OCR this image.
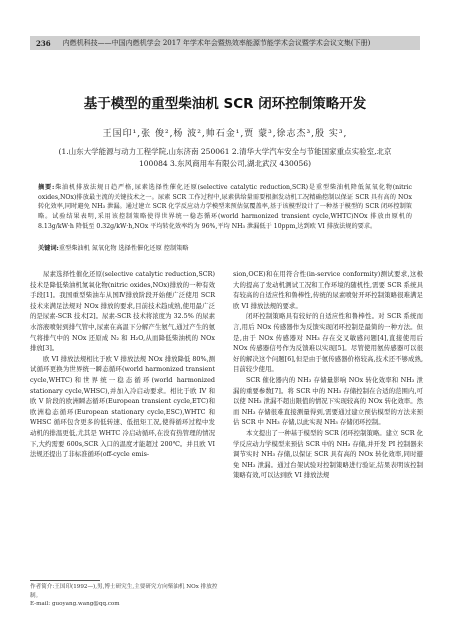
236 内燃机科技——中国内燃机学会 2017 年学术年会暨热效率能源节能学术会议暨学术会议文集(下册)
基于模型的重型柴油机 SCR 闭环控制策略开发
王国印¹,张 俊²,杨 波²,帅石金¹,贾 蒙³,徐志杰³,殷 实³,
(1.山东大学能源与动力工程学院,山东济南 250061 2.清华大学汽车安全与节能国家重点实验室,北京
100084 3.东风商用车有限公司,湖北武汉 430056)
摘要:柴油机排放法规日趋严格,尿素选择性催化还原(selective catalytic reduction,SCR)是重型柴油机降低氮氧化物(nitric oxides,NOx)排放最主流的关键技术之一。尿素 SCR 工作过程中,尿素供给量需要根据发动机工况精确控制以保证 SCR 具有高的 NOx 转化效率,同时避免 NH₃ 泄漏。通过建立 SCR 化学反应动力学模型来预估氨覆盖率,基于该模型设计了一种基于模型的 SCR 闭环控制策略。试验结果表明,采用该控制策略使得世界统一稳态循环(world harmonized transient cycle,WHTC)NOx 排放由原机的 8.13g/kW·h 降低至 0.32g/kW·h,NOx 平均转化效率约为 96%,平均 NH₃ 泄漏低于 10ppm,达到欧 VI 排放法规的要求。
关键词:重型柴油机 氮氧化物 选择性催化还原 控制策略

尿素选择性催化还原(selective catalytic reduction,SCR)技术是降低柴油机氮氧化物(nitric oxides,NOx)排放的一种有效手段[1]。我国重型柴油车从国Ⅳ排放阶段开始便广泛使用 SCR 技术来满足法规对 NOx 排放的要求,目前技术趋成熟,使用最广泛的是尿素-SCR 技术[2]。尿素-SCR 技术将浓度为 32.5% 的尿素水溶液喷射到排气管中,尿素在高温下分解产生氨气,通过产生的氨气将排气中的 NOx 还原成 N₂ 和 H₂O,从而降低柴油机的 NOx 排放[3]。

欧 VI 排放法规相比于欧 V 排放法规 NOx 排放降低 80%,测试循环更换为世界统一瞬态循环(world harmonized transient cycle,WHTC)和世界统一稳态循环(world harmonized stationary cycle,WHSC),并加入冷启动要求。相比于欧 IV 和欧 V 阶段的欧洲瞬态循环(European transient cycle,ETC)和欧洲稳态循环(European stationary cycle,ESC),WHTC 和 WHSC 循环包含更多的低转速、低扭矩工况,使得循环过程中发动机的排温更低,尤其是 WHTC 冷启动循环,在没有热管理的情况下,大约需要 600s,SCR 入口的温度才能超过 200℃。并且欧 VI 法规还提出了非标准循环(off-cycle emis-

sion,OCE)和在用符合性(in-service conformity)测试要求,这极大的提高了发动机测试工况和工作环境的随机性,需要 SCR 系统具有较高的自适应性和鲁棒性,传统的尿素喷射开环控制策略很难满足欧 VI 排放法规的要求。

闭环控制策略具有较好的自适应性和鲁棒性。对 SCR 系统而言,用后 NOx 传感器作为反馈实现闭环控制是最简的一种方法。但是,由于 NOx 传感器对 NH₃ 存在交叉敏感问题[4],直接使用后 NOx 传感器信号作为反馈难以实现[5]。尽管使用氨传感器可以很好的解决这个问题[6],但是由于氨传感器价格较高,技术还不够成熟,目前较少使用。

SCR 催化器内的 NH₃ 存储量影响 NOx 转化效率和 NH₃ 泄漏的重要参数[7]。将 SCR 中的 NH₃ 存储控制在合适的范围内,可以使 NH₃ 泄漏不超出限值的情况下实现较高的 NOx 转化效率。然而 NH₃ 存储很难直接测量得到,需要通过建立预估模型的方法来预估 SCR 中 NH₃ 存储,以此实现 NH₃ 存储闭环控制。

本文提出了一种基于模型的 SCR 闭环控制策略。建立 SCR 化学反应动力学模型来预估 SCR 中的 NH₃ 存储,并开发 PI 控制器来调节实时 NH₃ 存储,以保证 SCR 具有高的 NOx 转化效率,同时避免 NH₃ 泄漏。通过台架试验对控制策略进行验证,结果表明该控制策略有效,可以达到欧 VI 排放法规

作者简介:王国印(1992—),男,博士研究生,主要研究方向柴油机 NOx 排放控制。
E-mail: guoyang.wang@qq.com
